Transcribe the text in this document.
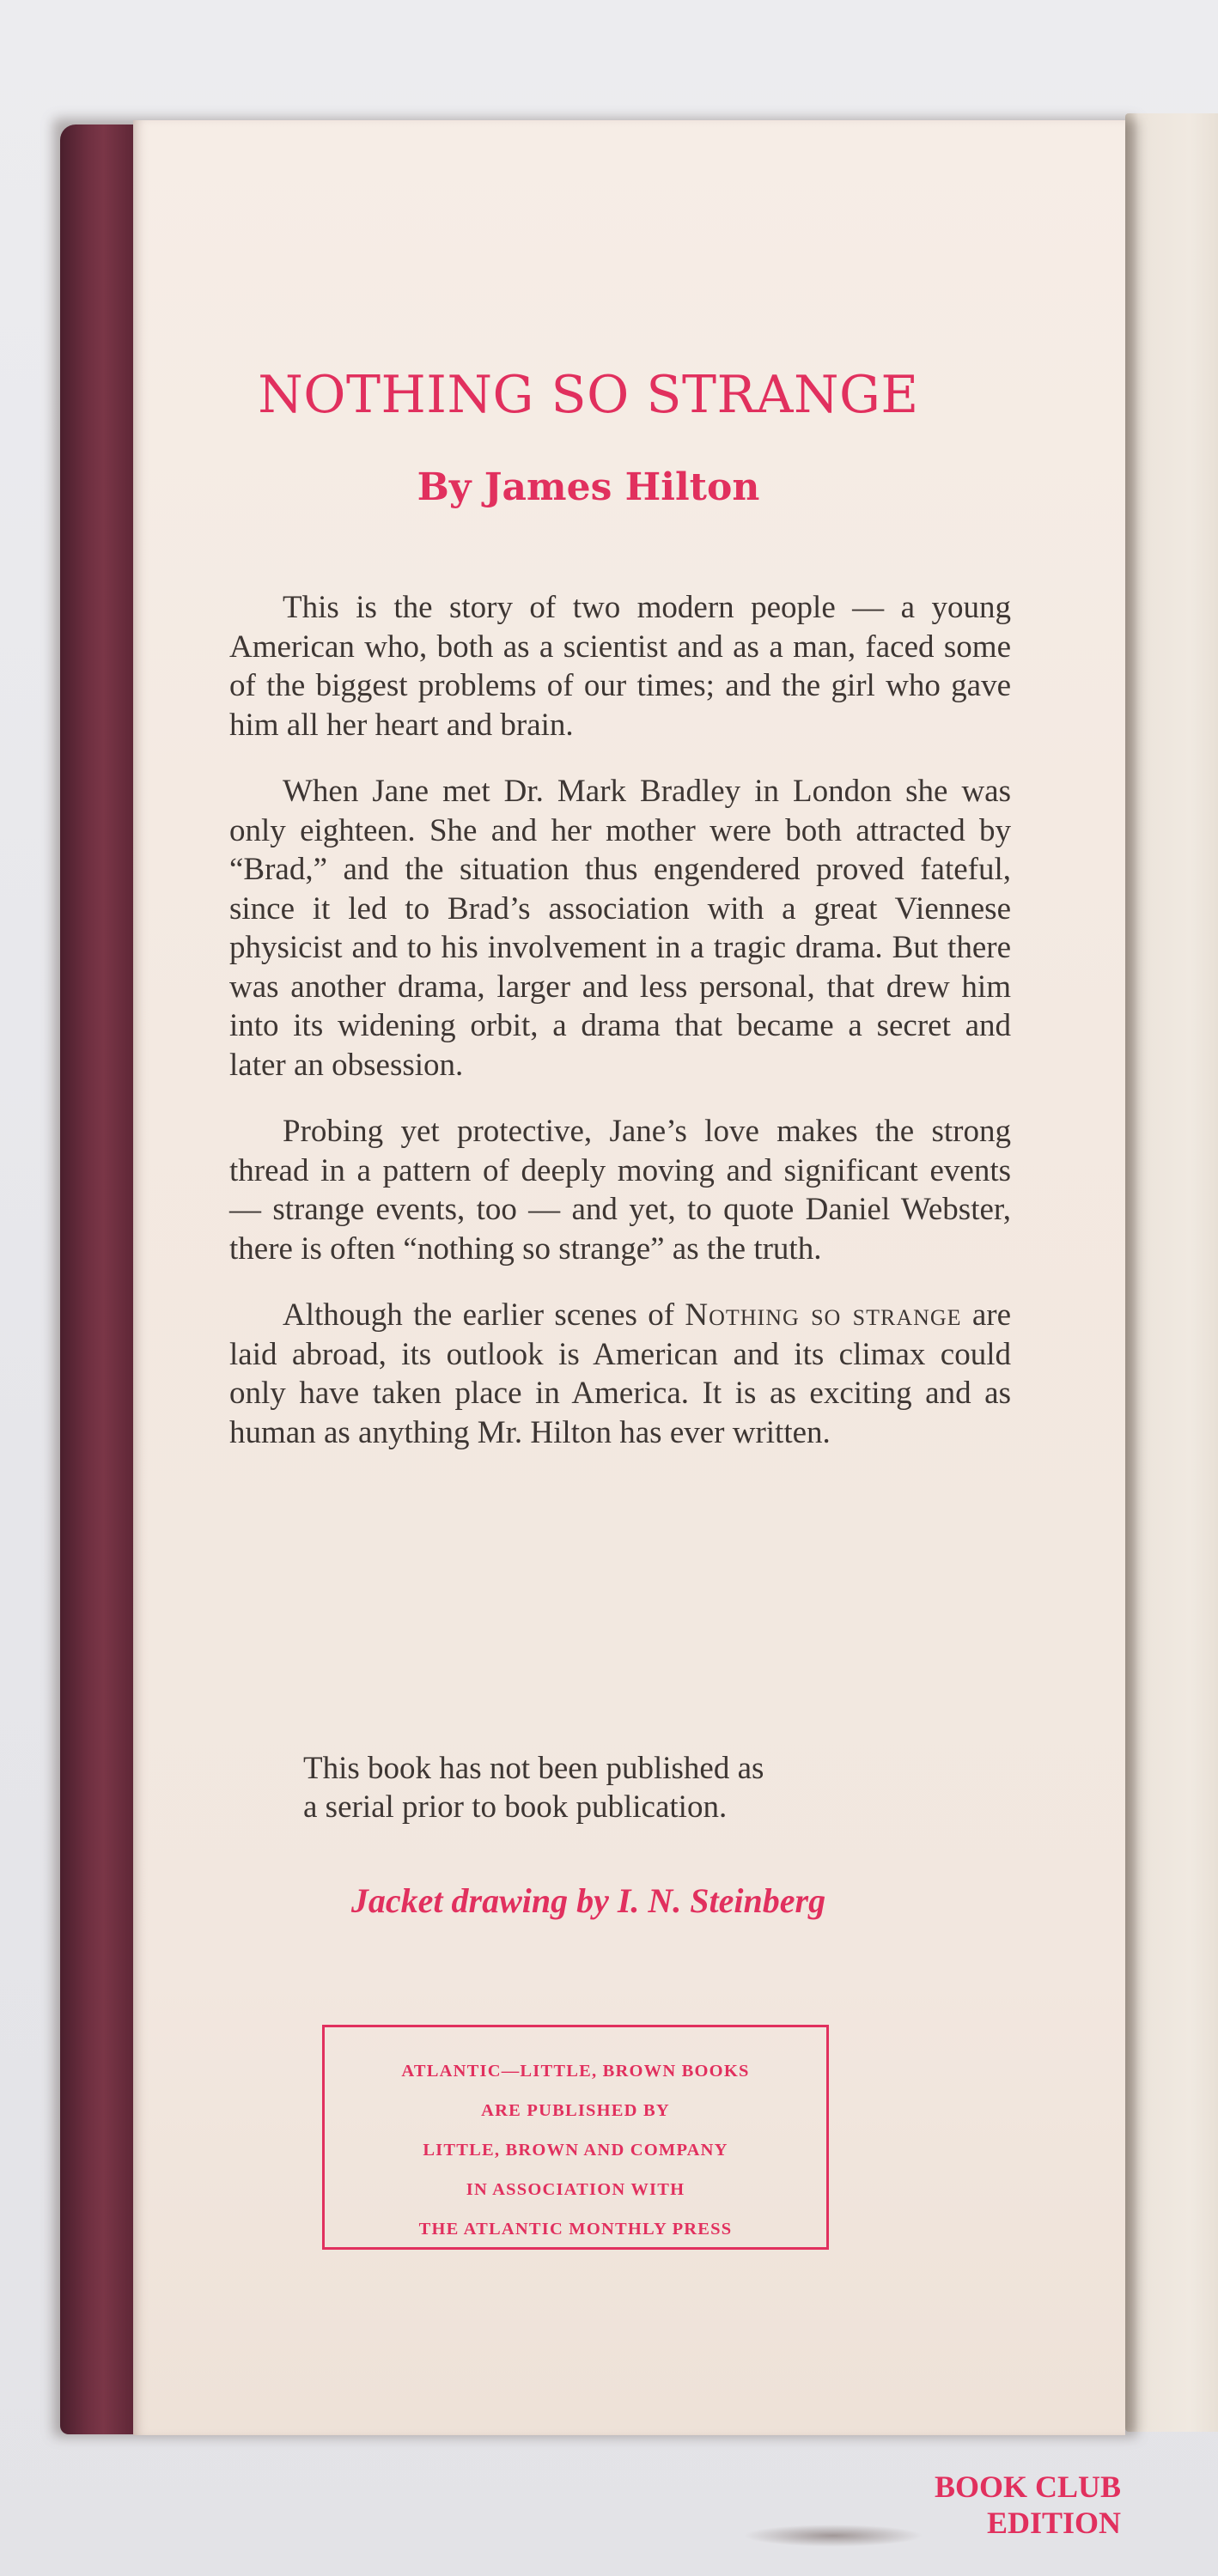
NOTHING SO STRANGE
By James Hilton

This is the story of two modern people — a young American who, both as a scientist and as a man, faced some of the biggest problems of our times; and the girl who gave him all her heart and brain.

When Jane met Dr. Mark Bradley in London she was only eighteen. She and her mother were both attracted by “Brad,” and the situation thus engendered proved fateful, since it led to Brad’s association with a great Viennese physicist and to his involvement in a tragic drama. But there was another drama, larger and less personal, that drew him into its widening orbit, a drama that became a secret and later an obsession.

Probing yet protective, Jane’s love makes the strong thread in a pattern of deeply moving and significant events — strange events, too — and yet, to quote Daniel Webster, there is often “nothing so strange” as the truth.

Although the earlier scenes of Nothing so strange are laid abroad, its outlook is American and its climax could only have taken place in America. It is as exciting and as human as anything Mr. Hilton has ever written.

This book has not been published as
a serial prior to book publication.
Jacket drawing by I. N. Steinberg
ATLANTIC—LITTLE, BROWN BOOKS
ARE PUBLISHED BY
LITTLE, BROWN AND COMPANY
IN ASSOCIATION WITH
THE ATLANTIC MONTHLY PRESS
BOOK CLUB
EDITION
